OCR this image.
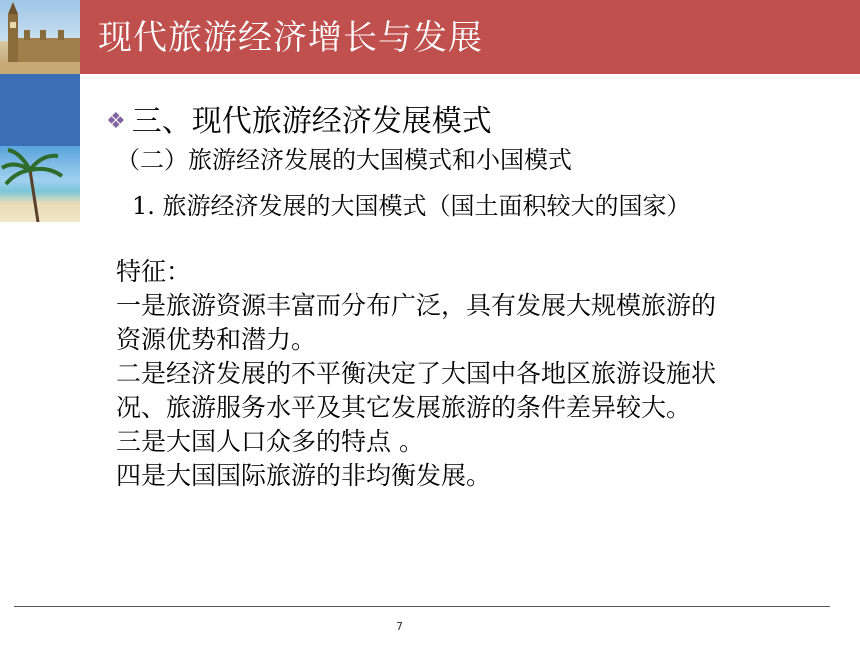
现代旅游经济增长与发展
❖ 三、现代旅游经济发展模式
（二）旅游经济发展的大国模式和小国模式
1. 旅游经济发展的大国模式（国土面积较大的国家）
特征：
一是旅游资源丰富而分布广泛，具有发展大规模旅游的
资源优势和潜力。
二是经济发展的不平衡决定了大国中各地区旅游设施状
况、旅游服务水平及其它发展旅游的条件差异较大。
三是大国人口众多的特点 。
四是大国国际旅游的非均衡发展。
7
